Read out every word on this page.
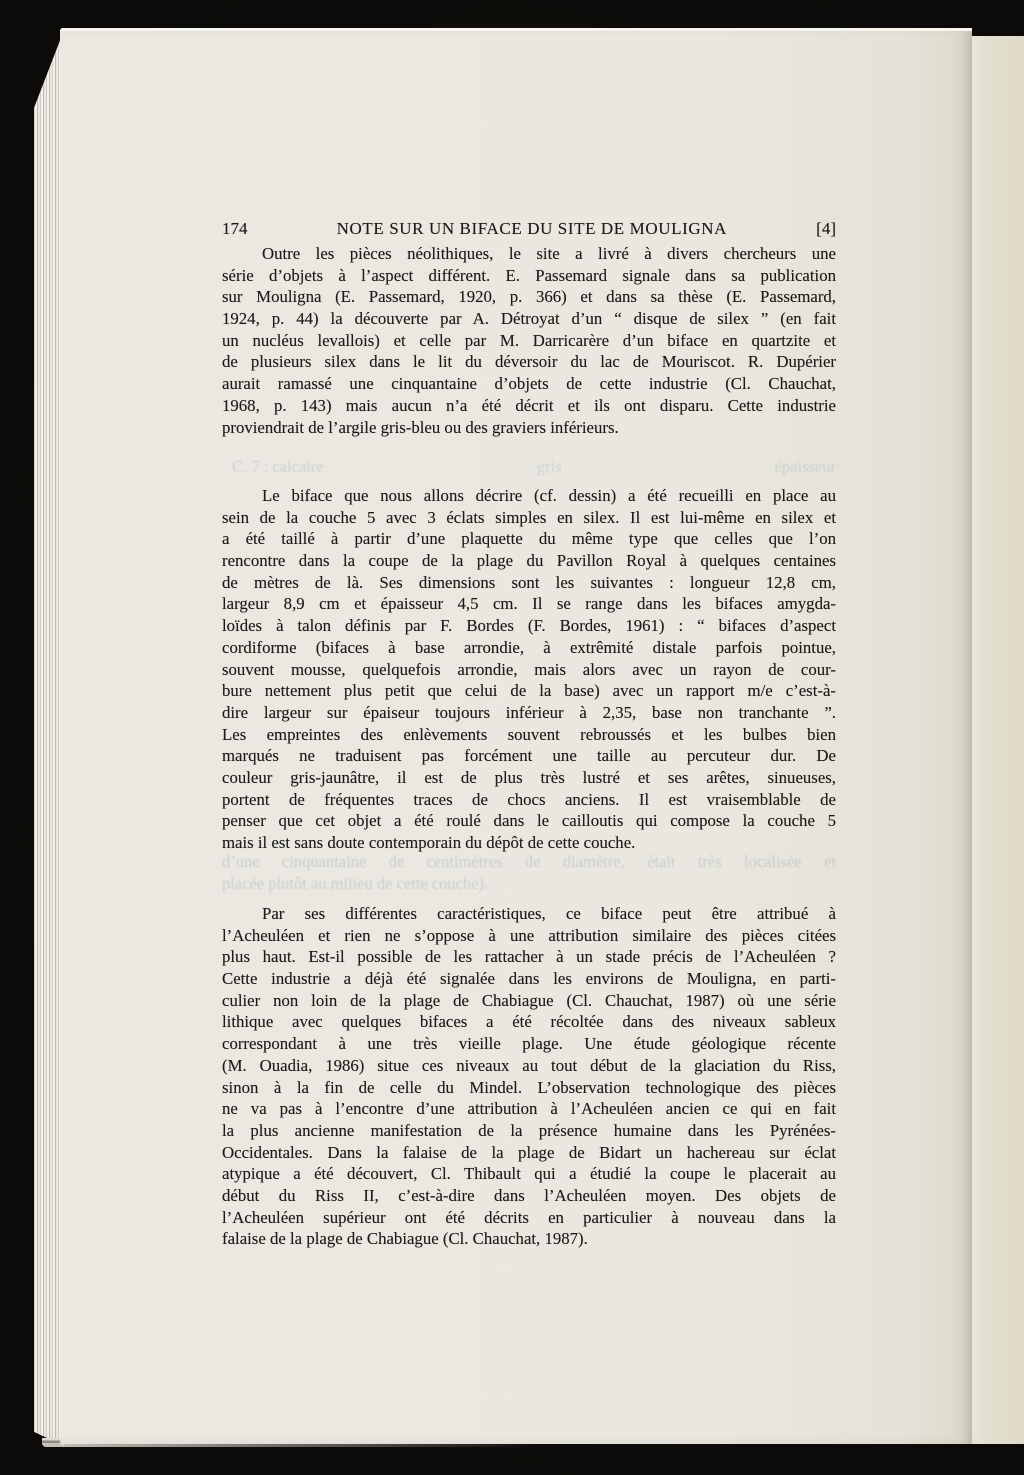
C. 7 : calcaire	gris	épaisseur
d’une cinquantaine de centimètres de diamètre, était très localisée et
placée plutôt au milieu de cette couche).
174	NOTE SUR UN BIFACE DU SITE DE MOULIGNA	[4]
Outre les pièces néolithiques, le site a livré à divers chercheurs une
série d’objets à l’aspect différent. E. Passemard signale dans sa publication
sur Mouligna (E. Passemard, 1920, p. 366) et dans sa thèse (E. Passemard,
1924, p. 44) la découverte par A. Détroyat d’un “ disque de silex ” (en fait
un nucléus levallois) et celle par M. Darricarère d’un biface en quartzite et
de plusieurs silex dans le lit du déversoir du lac de Mouriscot. R. Dupérier
aurait ramassé une cinquantaine d’objets de cette industrie (Cl. Chauchat,
1968, p. 143) mais aucun n’a été décrit et ils ont disparu. Cette industrie
proviendrait de l’argile gris-bleu ou des graviers inférieurs.
Le biface que nous allons décrire (cf. dessin) a été recueilli en place au
sein de la couche 5 avec 3 éclats simples en silex. Il est lui-même en silex et
a été taillé à partir d’une plaquette du même type que celles que l’on
rencontre dans la coupe de la plage du Pavillon Royal à quelques centaines
de mètres de là. Ses dimensions sont les suivantes : longueur 12,8 cm,
largeur 8,9 cm et épaisseur 4,5 cm. Il se range dans les bifaces amygda-
loïdes à talon définis par F. Bordes (F. Bordes, 1961) : “ bifaces d’aspect
cordiforme (bifaces à base arrondie, à extrêmité distale parfois pointue,
souvent mousse, quelquefois arrondie, mais alors avec un rayon de cour-
bure nettement plus petit que celui de la base) avec un rapport m/e c’est-à-
dire largeur sur épaiseur toujours inférieur à 2,35, base non tranchante ”.
Les empreintes des enlèvements souvent rebroussés et les bulbes bien
marqués ne traduisent pas forcément une taille au percuteur dur. De
couleur gris-jaunâtre, il est de plus très lustré et ses arêtes, sinueuses,
portent de fréquentes traces de chocs anciens. Il est vraisemblable de
penser que cet objet a été roulé dans le cailloutis qui compose la couche 5
mais il est sans doute contemporain du dépôt de cette couche.
Par ses différentes caractéristiques, ce biface peut être attribué à
l’Acheuléen et rien ne s’oppose à une attribution similaire des pièces citées
plus haut. Est-il possible de les rattacher à un stade précis de l’Acheuléen ?
Cette industrie a déjà été signalée dans les environs de Mouligna, en parti-
culier non loin de la plage de Chabiague (Cl. Chauchat, 1987) où une série
lithique avec quelques bifaces a été récoltée dans des niveaux sableux
correspondant à une très vieille plage. Une étude géologique récente
(M. Ouadia, 1986) situe ces niveaux au tout début de la glaciation du Riss,
sinon à la fin de celle du Mindel. L’observation technologique des pièces
ne va pas à l’encontre d’une attribution à l’Acheuléen ancien ce qui en fait
la plus ancienne manifestation de la présence humaine dans les Pyrénées-
Occidentales. Dans la falaise de la plage de Bidart un hachereau sur éclat
atypique a été découvert, Cl. Thibault qui a étudié la coupe le placerait au
début du Riss II, c’est-à-dire dans l’Acheuléen moyen. Des objets de
l’Acheuléen supérieur ont été décrits en particulier à nouveau dans la
falaise de la plage de Chabiague (Cl. Chauchat, 1987).
